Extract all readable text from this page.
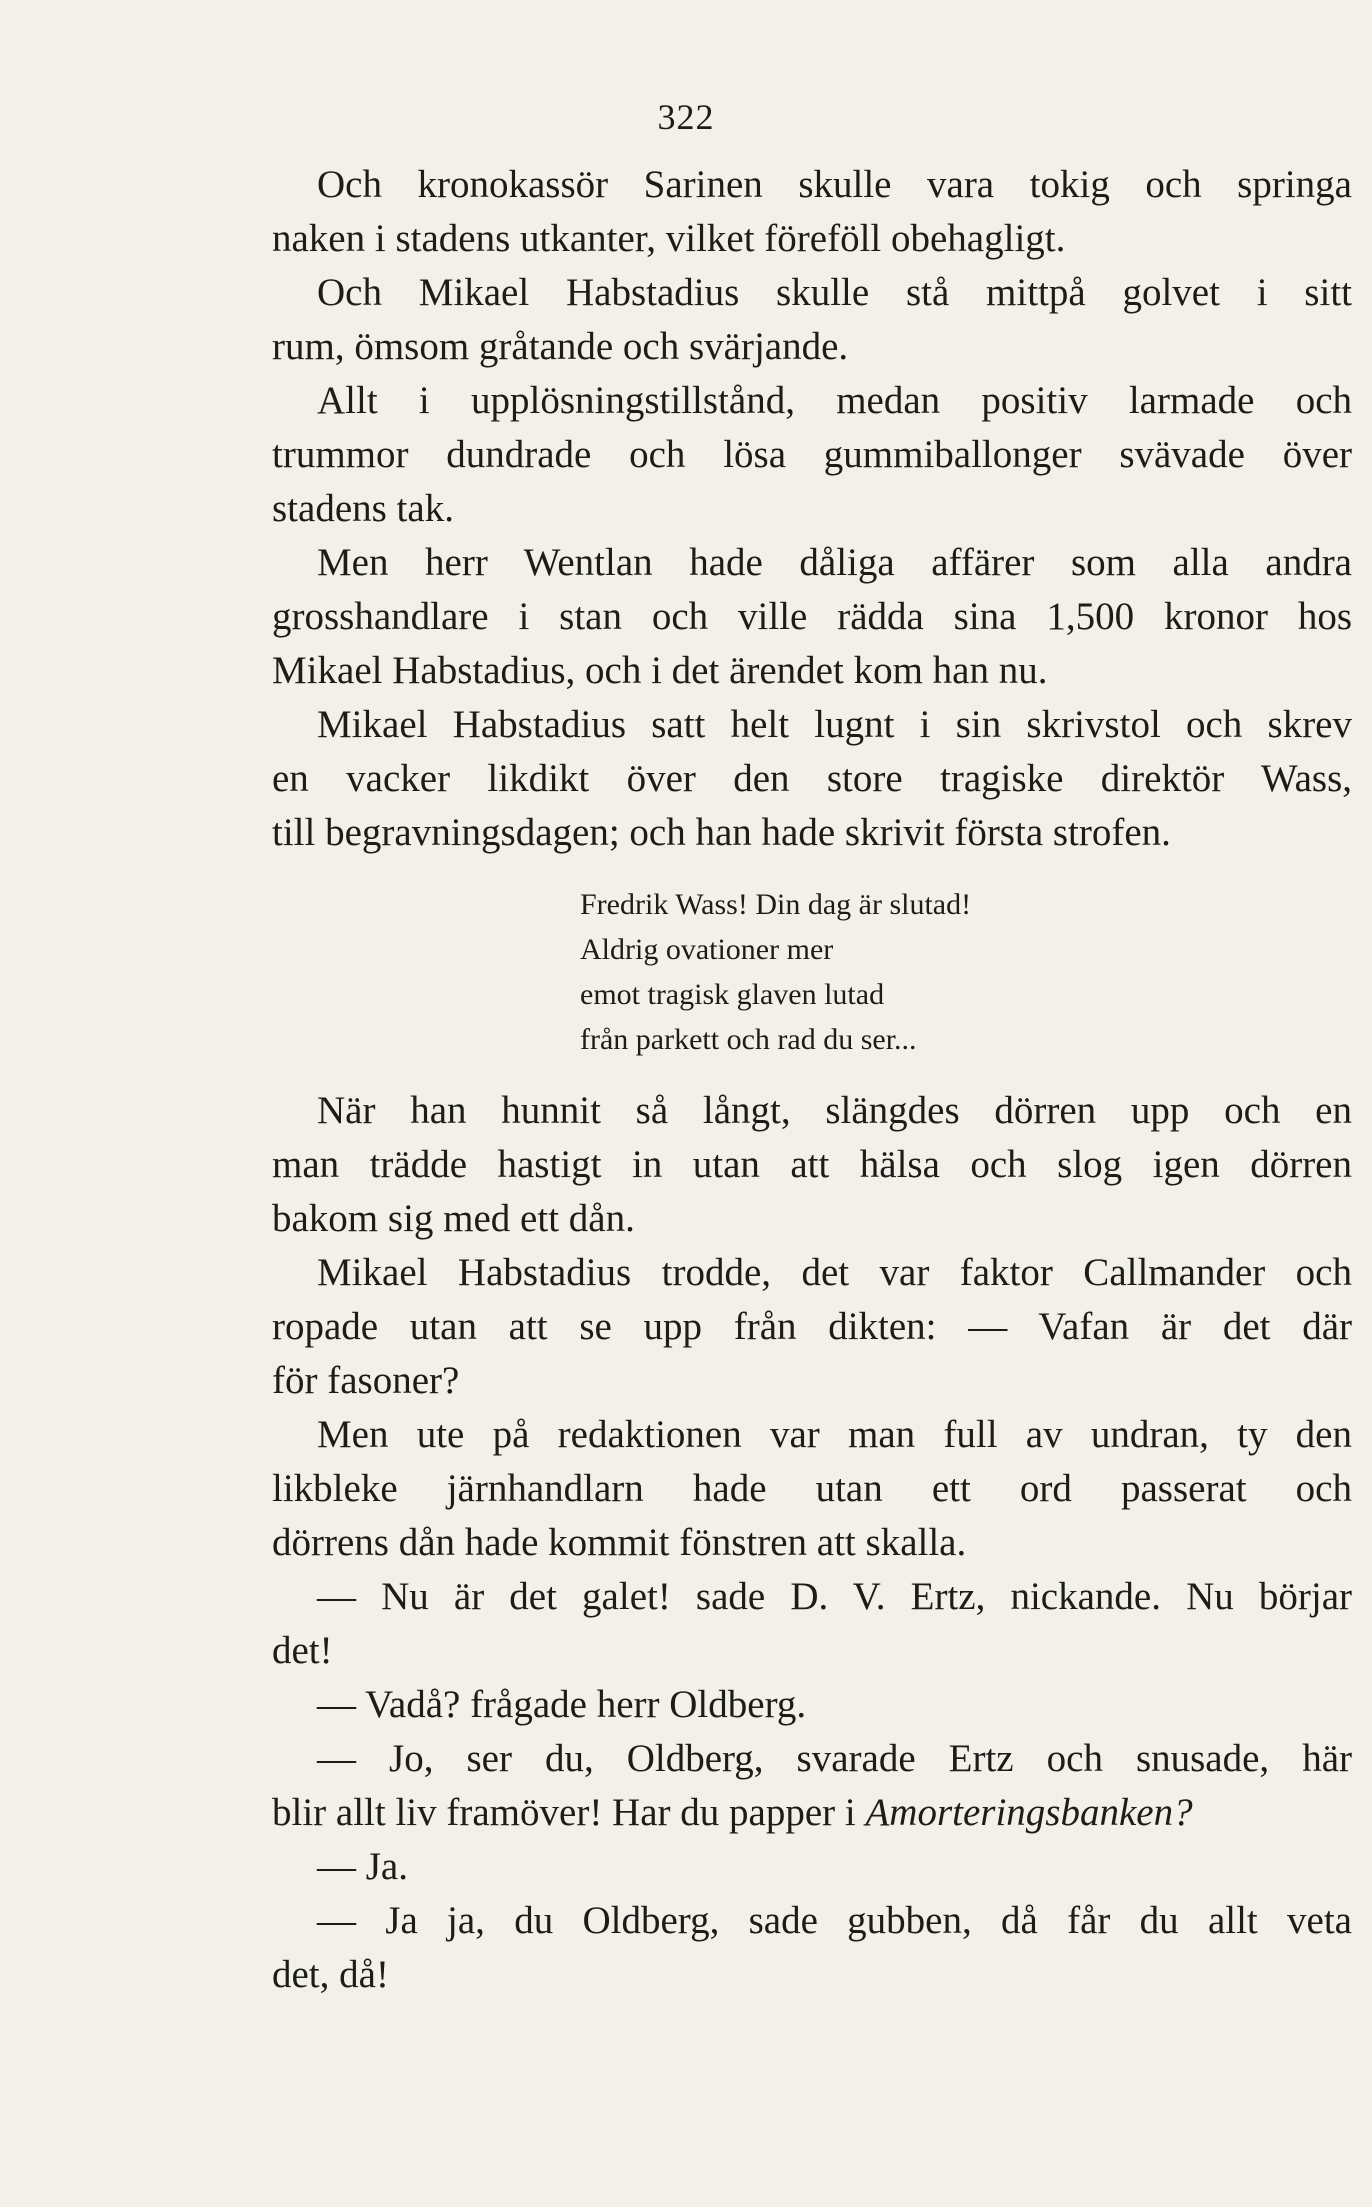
322

Och kronokassör Sarinen skulle vara tokig och springa
naken i stadens utkanter, vilket föreföll obehagligt.

Och Mikael Habstadius skulle stå mittpå golvet i sitt
rum, ömsom gråtande och svärjande.

Allt i upplösningstillstånd, medan positiv larmade och
trummor dundrade och lösa gummiballonger svävade över
stadens tak.

Men herr Wentlan hade dåliga affärer som alla andra
grosshandlare i stan och ville rädda sina 1,500 kronor hos
Mikael Habstadius, och i det ärendet kom han nu.

Mikael Habstadius satt helt lugnt i sin skrivstol och skrev
en vacker likdikt över den store tragiske direktör Wass,
till begravningsdagen; och han hade skrivit första strofen.

Fredrik Wass! Din dag är slutad!
Aldrig ovationer mer
emot tragisk glaven lutad
från parkett och rad du ser...

När han hunnit så långt, slängdes dörren upp och en
man trädde hastigt in utan att hälsa och slog igen dörren
bakom sig med ett dån.

Mikael Habstadius trodde, det var faktor Callmander och
ropade utan att se upp från dikten: — Vafan är det där
för fasoner?

Men ute på redaktionen var man full av undran, ty den
likbleke järnhandlarn hade utan ett ord passerat och
dörrens dån hade kommit fönstren att skalla.

— Nu är det galet! sade D. V. Ertz, nickande. Nu börjar
det!

— Vadå? frågade herr Oldberg.

— Jo, ser du, Oldberg, svarade Ertz och snusade, här
blir allt liv framöver! Har du papper i Amorteringsbanken?

— Ja.

— Ja ja, du Oldberg, sade gubben, då får du allt veta
det, då!
